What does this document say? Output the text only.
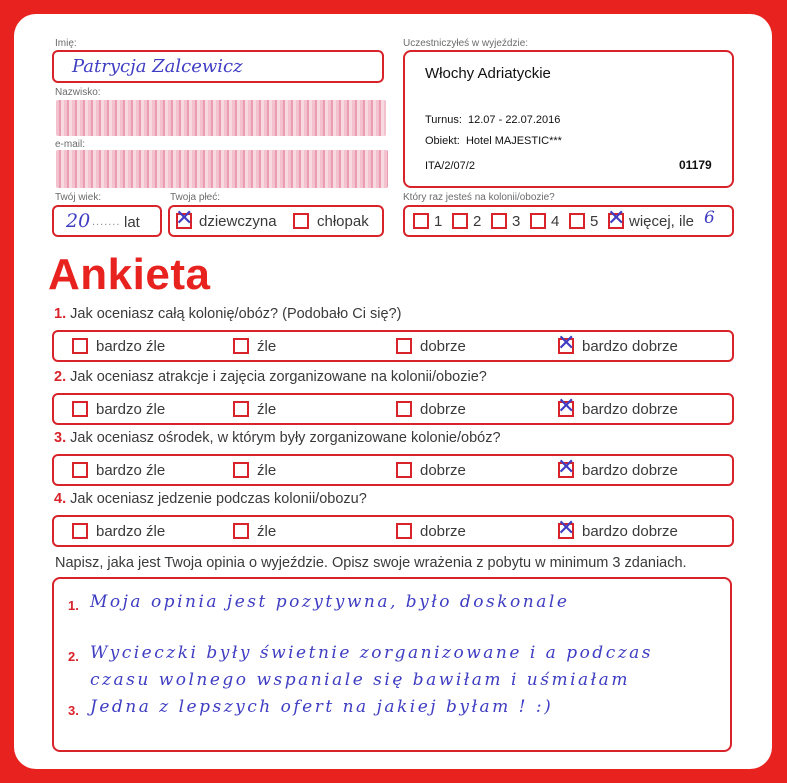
Imię:
Patrycja Zalcewicz
Nazwisko:
e-mail:
Uczestniczyłeś w wyjeździe:
Włochy Adriatyckie
Turnus: 12.07 - 22.07.2016
Obiekt: Hotel MAJESTIC***
ITA/2/07/2	01179
Twój wiek:
20 ....... lat
Twoja płeć:
✕ dziewczyna	chłopak
Który raz jesteś na kolonii/obozie?
1 2 3 4 5 ✕ więcej, ile 6
Ankieta
1. Jak oceniasz całą kolonię/obóz? (Podobało Ci się?)
bardzo źle	źle	dobrze	✕ bardzo dobrze
2. Jak oceniasz atrakcje i zajęcia zorganizowane na kolonii/obozie?
bardzo źle	źle	dobrze	✕ bardzo dobrze
3. Jak oceniasz ośrodek, w którym były zorganizowane kolonie/obóz?
bardzo źle	źle	dobrze	✕ bardzo dobrze
4. Jak oceniasz jedzenie podczas kolonii/obozu?
bardzo źle	źle	dobrze	✕ bardzo dobrze
Napisz, jaka jest Twoja opinia o wyjeździe. Opisz swoje wrażenia z pobytu w minimum 3 zdaniach.
1. Moja opinia jest pozytywna, było doskonale
2. Wycieczki były świetnie zorganizowane i a podczas
czasu wolnego wspaniale się bawiłam i uśmiałam
3. Jedna z lepszych ofert na jakiej byłam ! :)
